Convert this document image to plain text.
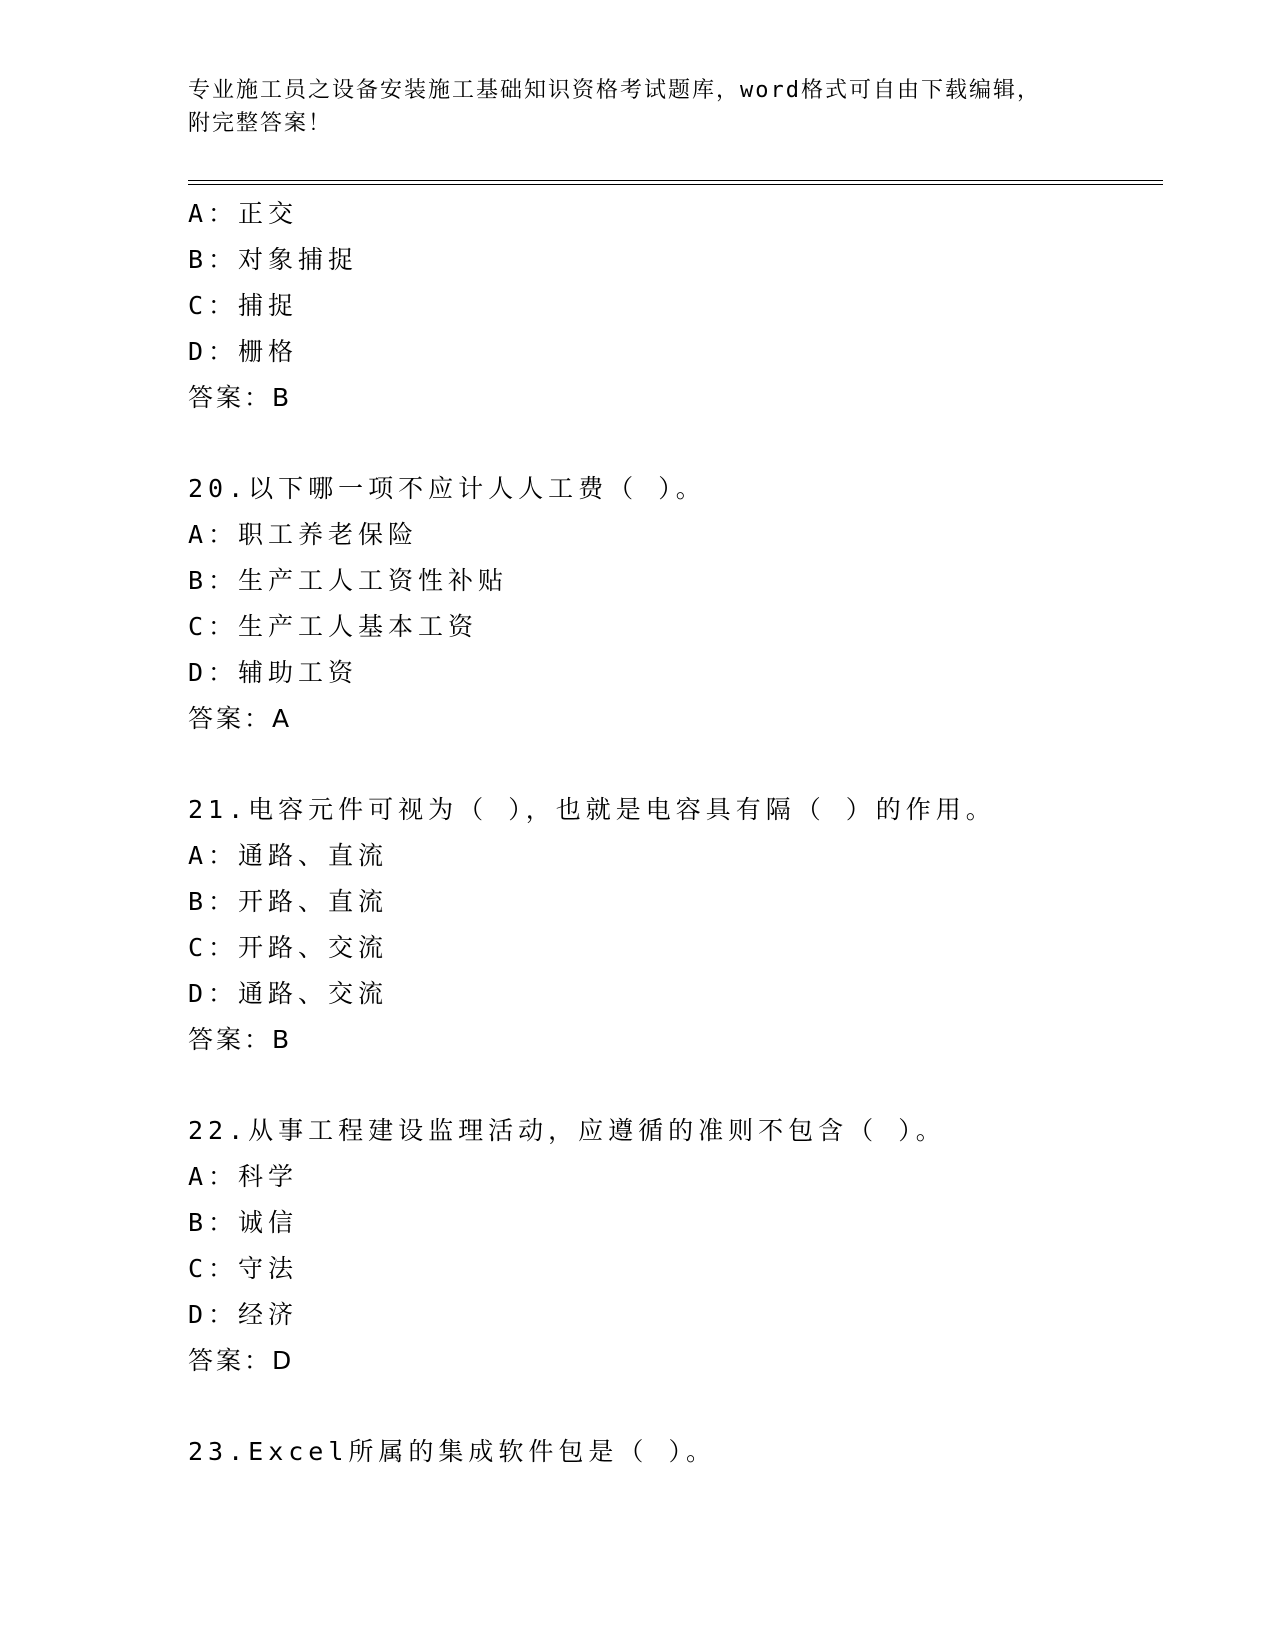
专业施工员之设备安装施工基础知识资格考试题库，word格式可自由下载编辑，
附完整答案！
A：正交
B：对象捕捉
C：捕捉
D：栅格
答案：B
20.以下哪一项不应计人人工费（ ）。
A：职工养老保险
B：生产工人工资性补贴
C：生产工人基本工资
D：辅助工资
答案：A
21.电容元件可视为（ ），也就是电容具有隔（ ）的作用。
A：通路、直流
B：开路、直流
C：开路、交流
D：通路、交流
答案：B
22.从事工程建设监理活动，应遵循的准则不包含（ ）。
A：科学
B：诚信
C：守法
D：经济
答案：D
23.Excel所属的集成软件包是（ ）。
